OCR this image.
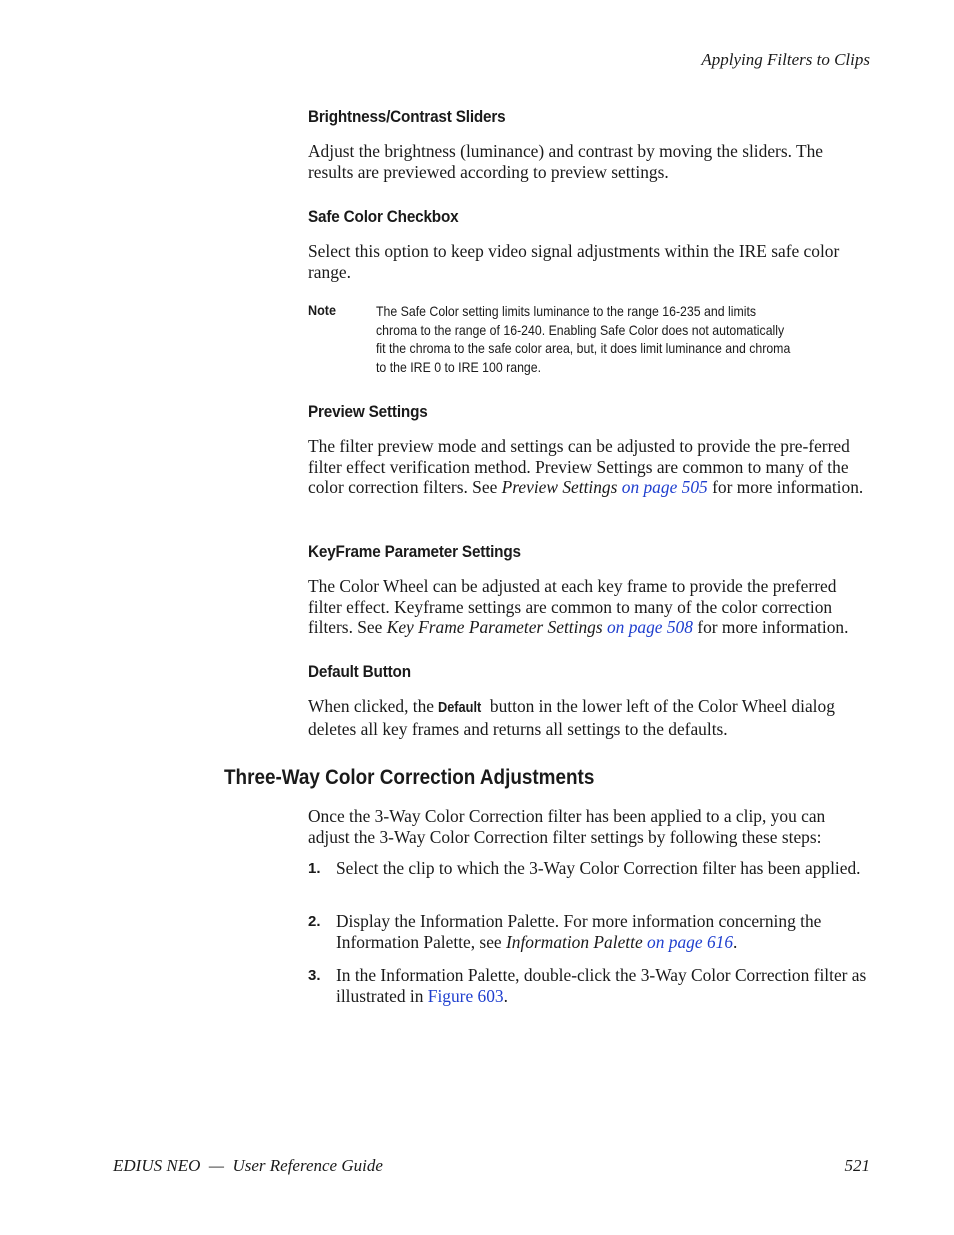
Applying Filters to Clips
Brightness/Contrast Sliders
Adjust the brightness (luminance) and contrast by moving the sliders. The results are previewed according to preview settings.
Safe Color Checkbox
Select this option to keep video signal adjustments within the IRE safe color range.
Note	The Safe Color setting limits luminance to the range 16-235 and limits
chroma to the range of 16-240. Enabling Safe Color does not automatically
fit the chroma to the safe color area, but, it does limit luminance and chroma
to the IRE 0 to IRE 100 range.
Preview Settings
The filter preview mode and settings can be adjusted to provide the pre-ferred filter effect verification method. Preview Settings are common to many of the color correction filters. See Preview Settings on page 505 for more information.
KeyFrame Parameter Settings
The Color Wheel can be adjusted at each key frame to provide the preferred filter effect. Keyframe settings are common to many of the color correction filters. See Key Frame Parameter Settings on page 508 for more information.
Default Button
When clicked, the Default button in the lower left of the Color Wheel dialog deletes all key frames and returns all settings to the defaults.
Three-Way Color Correction Adjustments
Once the 3-Way Color Correction filter has been applied to a clip, you can adjust the 3-Way Color Correction filter settings by following these steps:
1. Select the clip to which the 3-Way Color Correction filter has been applied.
2. Display the Information Palette. For more information concerning the Information Palette, see Information Palette on page 616.
3. In the Information Palette, double-click the 3-Way Color Correction filter as illustrated in Figure 603.
EDIUS NEO  —  User Reference Guide	521
